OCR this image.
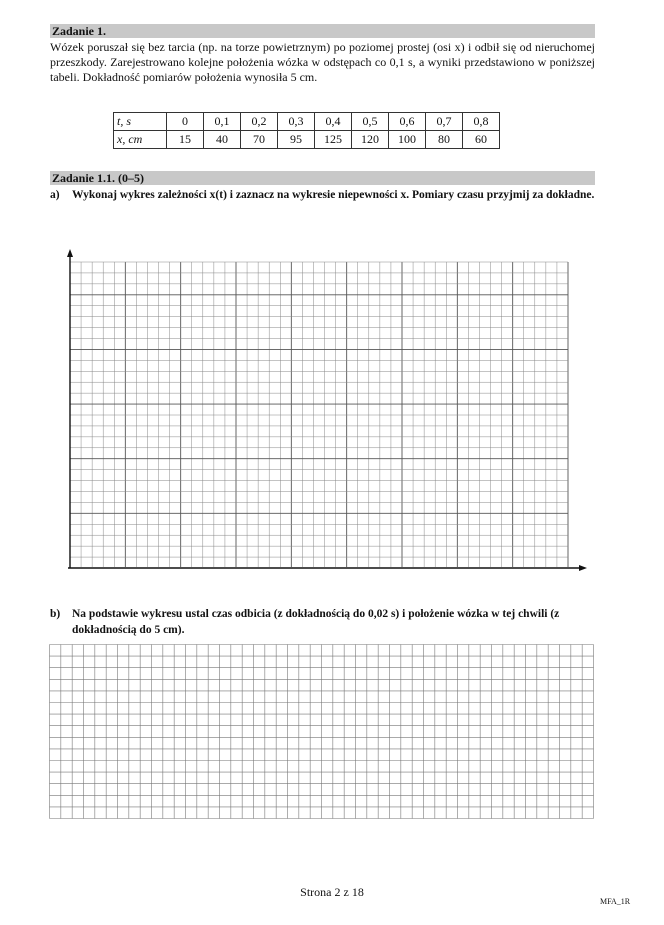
Zadanie 1.
Wózek poruszał się bez tarcia (np. na torze powietrznym) po poziomej prostej (osi x) i odbił się od nieruchomej przeszkody. Zarejestrowano kolejne położenia wózka w odstępach co 0,1 s, a wyniki przedstawiono w poniższej tabeli. Dokładność pomiarów położenia wynosiła 5 cm.
t, s	0	0,1	0,2	0,3	0,4	0,5	0,6	0,7	0,8
x, cm	15	40	70	95	125	120	100	80	60
Zadanie 1.1. (0–5)
a) Wykonaj wykres zależności x(t) i zaznacz na wykresie niepewności x. Pomiary czasu przyjmij za dokładne.
b) Na podstawie wykresu ustal czas odbicia (z dokładnością do 0,02 s) i położenie wózka w tej chwili (z dokładnością do 5 cm).
Strona 2 z 18
MFA_1R
